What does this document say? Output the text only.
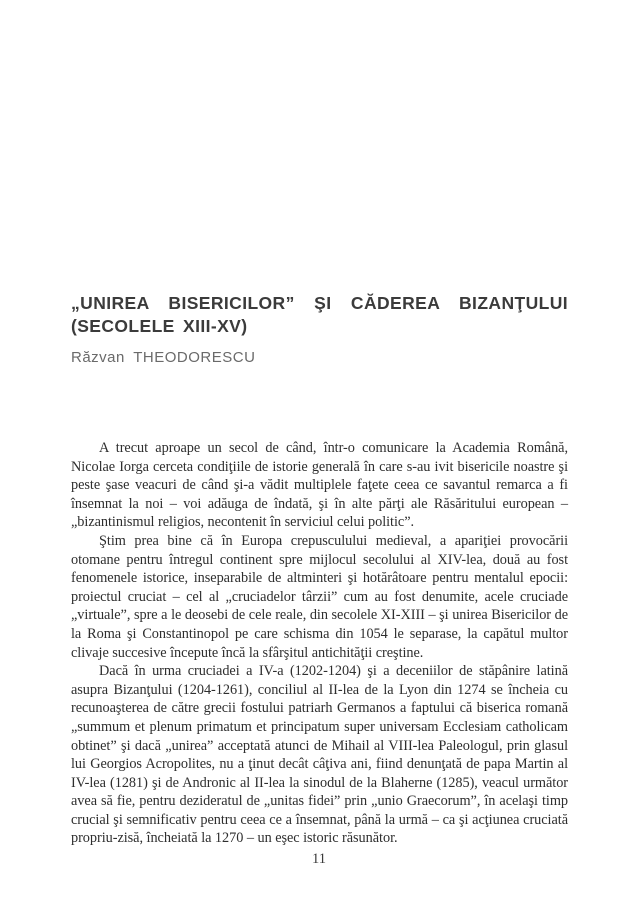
„UNIREA BISERICILOR” ŞI CĂDEREA BIZANŢULUI
(SECOLELE XIII-XV)
Răzvan THEODORESCU

A trecut aproape un secol de când, într-o comunicare la Academia Română, Nicolae Iorga cerceta condiţiile de istorie generală în care s-au ivit bisericile noastre şi peste şase veacuri de când şi-a vădit multiplele faţete ceea ce savantul remarca a fi însemnat la noi – voi adăuga de îndată, şi în alte părţi ale Răsăritului european – „bizantinismul religios, necontenit în serviciul celui politic”.

Ştim prea bine că în Europa crepusculului medieval, a apariţiei provocării otomane pentru întregul continent spre mijlocul secolului al XIV-lea, două au fost fenomenele istorice, inseparabile de altminteri şi hotărâtoare pentru mentalul epocii: proiectul cruciat – cel al „cruciadelor târzii” cum au fost denumite, acele cruciade „virtuale”, spre a le deosebi de cele reale, din secolele XI-XIII – şi unirea Bisericilor de la Roma şi Constantinopol pe care schisma din 1054 le separase, la capătul multor clivaje succesive începute încă la sfârşitul antichităţii creştine.

Dacă în urma cruciadei a IV-a (1202-1204) şi a deceniilor de stăpânire latină asupra Bizanţului (1204-1261), conciliul al II-lea de la Lyon din 1274 se încheia cu recunoaşterea de către grecii fostului patriarh Germanos a faptului că biserica romană „summum et plenum primatum et principatum super universam Ecclesiam catholicam obtinet” şi dacă „unirea” acceptată atunci de Mihail al VIII-lea Paleologul, prin glasul lui Georgios Acropolites, nu a ţinut decât câţiva ani, fiind denunţată de papa Martin al IV-lea (1281) şi de Andronic al II-lea la sinodul de la Blaherne (1285), veacul următor avea să fie, pentru dezideratul de „unitas fidei” prin „unio Graecorum”, în acelaşi timp crucial şi semnificativ pentru ceea ce a însemnat, până la urmă – ca şi acţiunea cruciată propriu-zisă, încheiată la 1270 – un eşec istoric răsunător.

11
